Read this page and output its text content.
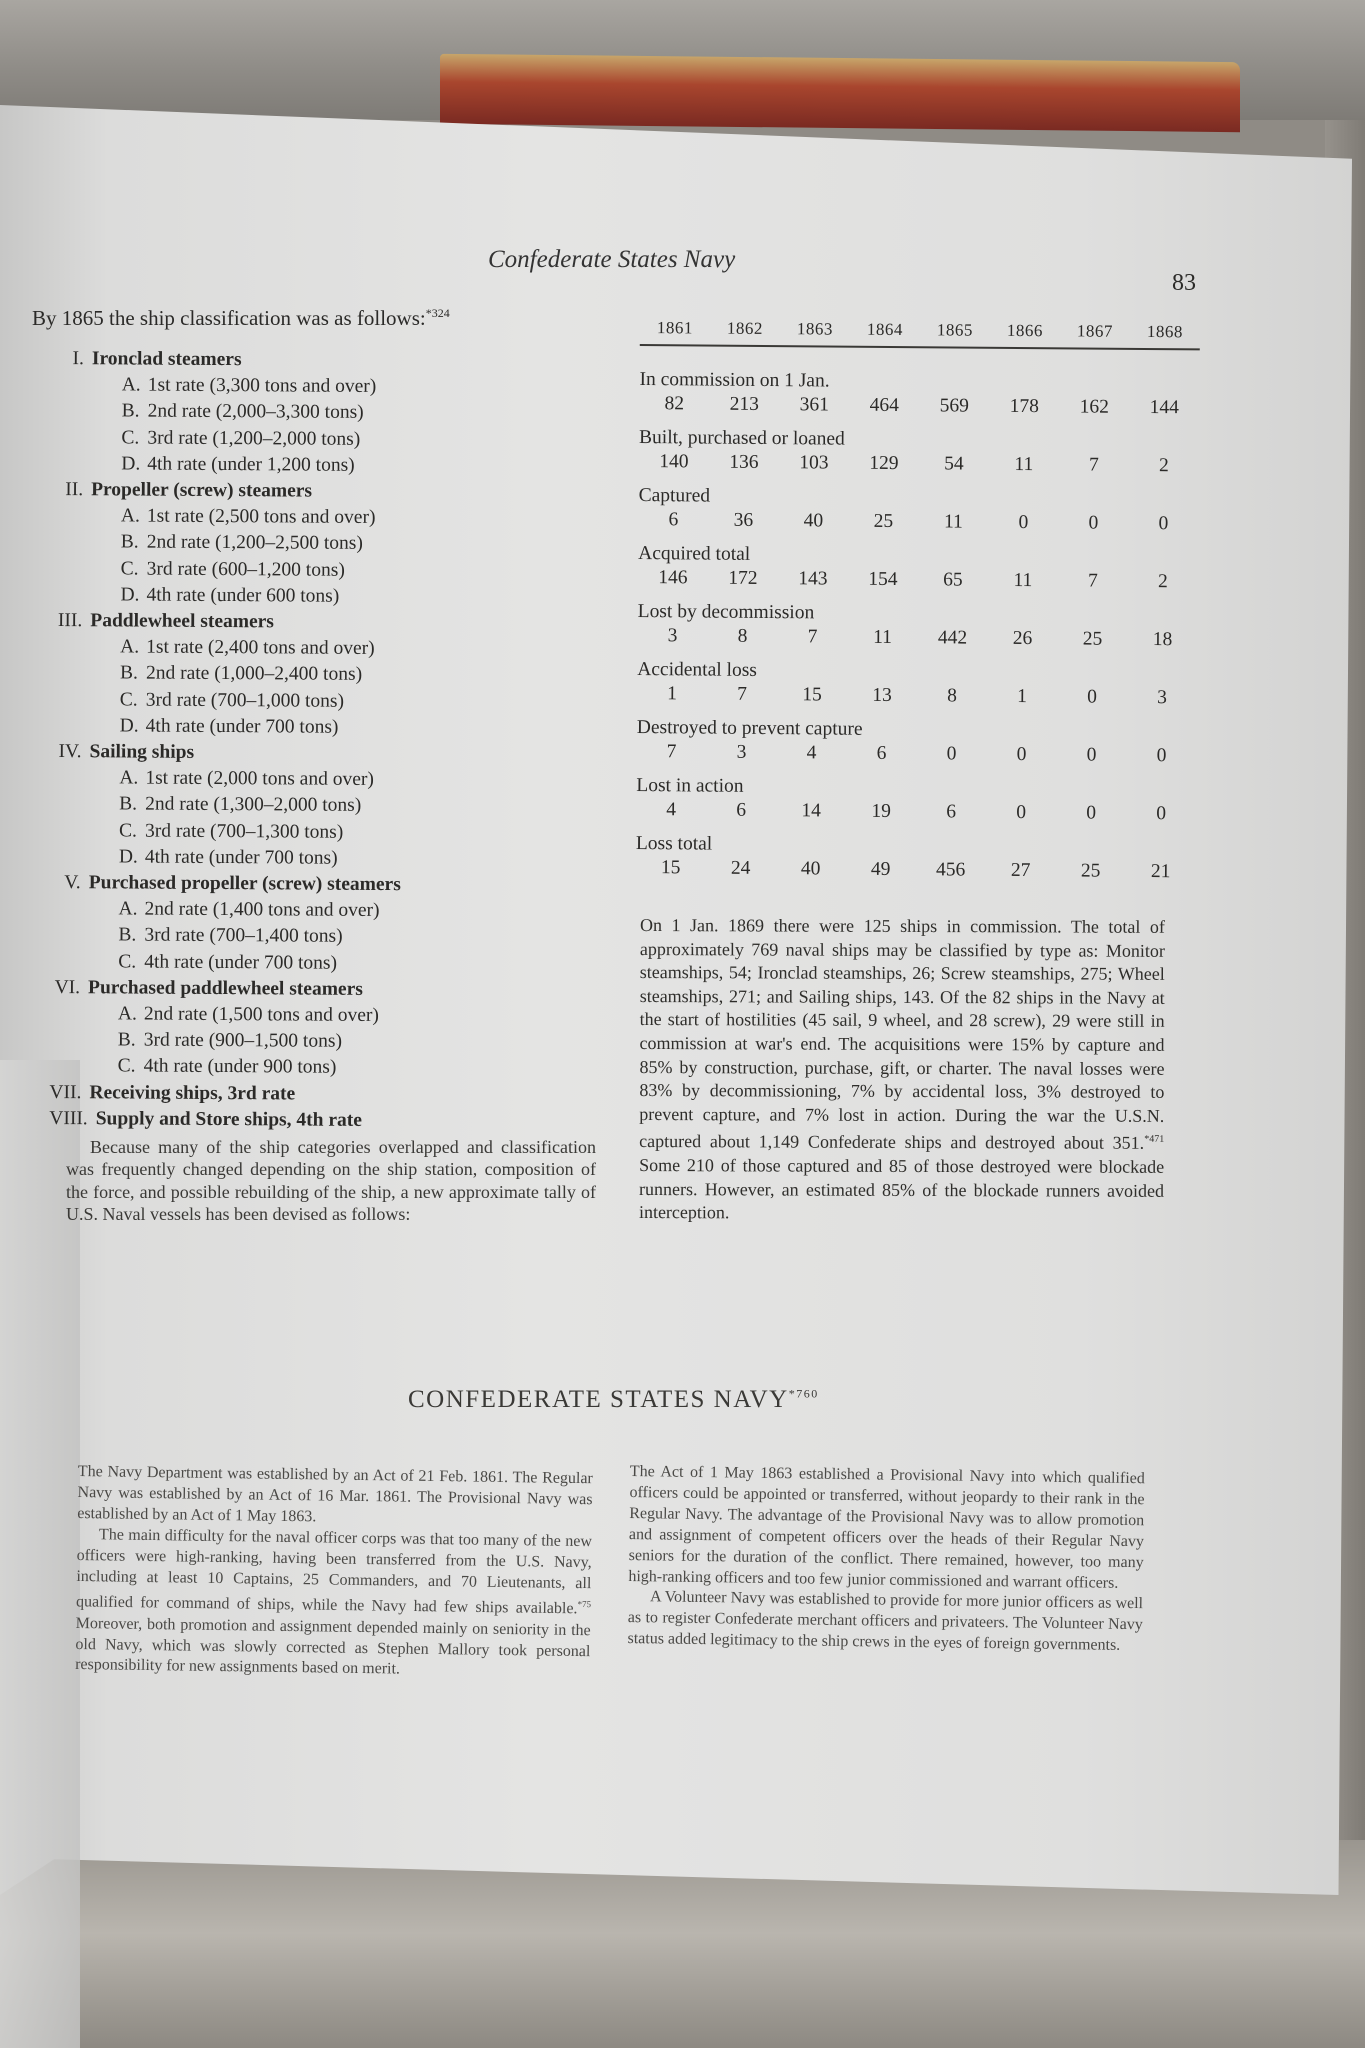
Confederate States Navy
83
By 1865 the ship classification was as follows:$^{*324}$
I. Ironclad steamers
A. 1st rate (3,300 tons and over)
B. 2nd rate (2,000–3,300 tons)
C. 3rd rate (1,200–2,000 tons)
D. 4th rate (under 1,200 tons)
II. Propeller (screw) steamers
A. 1st rate (2,500 tons and over)
B. 2nd rate (1,200–2,500 tons)
C. 3rd rate (600–1,200 tons)
D. 4th rate (under 600 tons)
III. Paddlewheel steamers
A. 1st rate (2,400 tons and over)
B. 2nd rate (1,000–2,400 tons)
C. 3rd rate (700–1,000 tons)
D. 4th rate (under 700 tons)
IV. Sailing ships
A. 1st rate (2,000 tons and over)
B. 2nd rate (1,300–2,000 tons)
C. 3rd rate (700–1,300 tons)
D. 4th rate (under 700 tons)
V. Purchased propeller (screw) steamers
A. 2nd rate (1,400 tons and over)
B. 3rd rate (700–1,400 tons)
C. 4th rate (under 700 tons)
VI. Purchased paddlewheel steamers
A. 2nd rate (1,500 tons and over)
B. 3rd rate (900–1,500 tons)
C. 4th rate (under 900 tons)
VII. Receiving ships, 3rd rate
VIII. Supply and Store ships, 4th rate
Because many of the ship categories overlapped and classification was frequently changed depending on the ship station, composition of the force, and possible rebuilding of the ship, a new approximate tally of U.S. Naval vessels has been devised as follows:
1861	1862	1863	1864	1865	1866	1867	1868
In commission on 1 Jan.
82	213	361	464	569	178	162	144
Built, purchased or loaned
140	136	103	129	54	11	7	2
Captured
6	36	40	25	11	0	0	0
Acquired total
146	172	143	154	65	11	7	2
Lost by decommission
3	8	7	11	442	26	25	18
Accidental loss
1	7	15	13	8	1	0	3
Destroyed to prevent capture
7	3	4	6	0	0	0	0
Lost in action
4	6	14	19	6	0	0	0
Loss total
15	24	40	49	456	27	25	21
On 1 Jan. 1869 there were 125 ships in commission. The total of approximately 769 naval ships may be classified by type as: Monitor steamships, 54; Ironclad steamships, 26; Screw steamships, 275; Wheel steamships, 271; and Sailing ships, 143. Of the 82 ships in the Navy at the start of hostilities (45 sail, 9 wheel, and 28 screw), 29 were still in commission at war's end. The acquisitions were 15% by capture and 85% by construction, purchase, gift, or charter. The naval losses were 83% by decommissioning, 7% by accidental loss, 3% destroyed to prevent capture, and 7% lost in action. During the war the U.S.N. captured about 1,149 Confederate ships and destroyed about 351.$^{*471}$ Some 210 of those captured and 85 of those destroyed were blockade runners. However, an estimated 85% of the blockade runners avoided interception.
CONFEDERATE STATES NAVY$^{*760}$

The Navy Department was established by an Act of 21 Feb. 1861. The Regular Navy was established by an Act of 16 Mar. 1861. The Provisional Navy was established by an Act of 1 May 1863.

The main difficulty for the naval officer corps was that too many of the new officers were high-ranking, having been transferred from the U.S. Navy, including at least 10 Captains, 25 Commanders, and 70 Lieutenants, all qualified for command of ships, while the Navy had few ships available.$^{*75}$ Moreover, both promotion and assignment depended mainly on seniority in the old Navy, which was slowly corrected as Stephen Mallory took personal responsibility for new assignments based on merit.

The Act of 1 May 1863 established a Provisional Navy into which qualified officers could be appointed or transferred, without jeopardy to their rank in the Regular Navy. The advantage of the Provisional Navy was to allow promotion and assignment of competent officers over the heads of their Regular Navy seniors for the duration of the conflict. There remained, however, too many high-ranking officers and too few junior commissioned and warrant officers.

A Volunteer Navy was established to provide for more junior officers as well as to register Confederate merchant officers and privateers. The Volunteer Navy status added legitimacy to the ship crews in the eyes of foreign governments.
